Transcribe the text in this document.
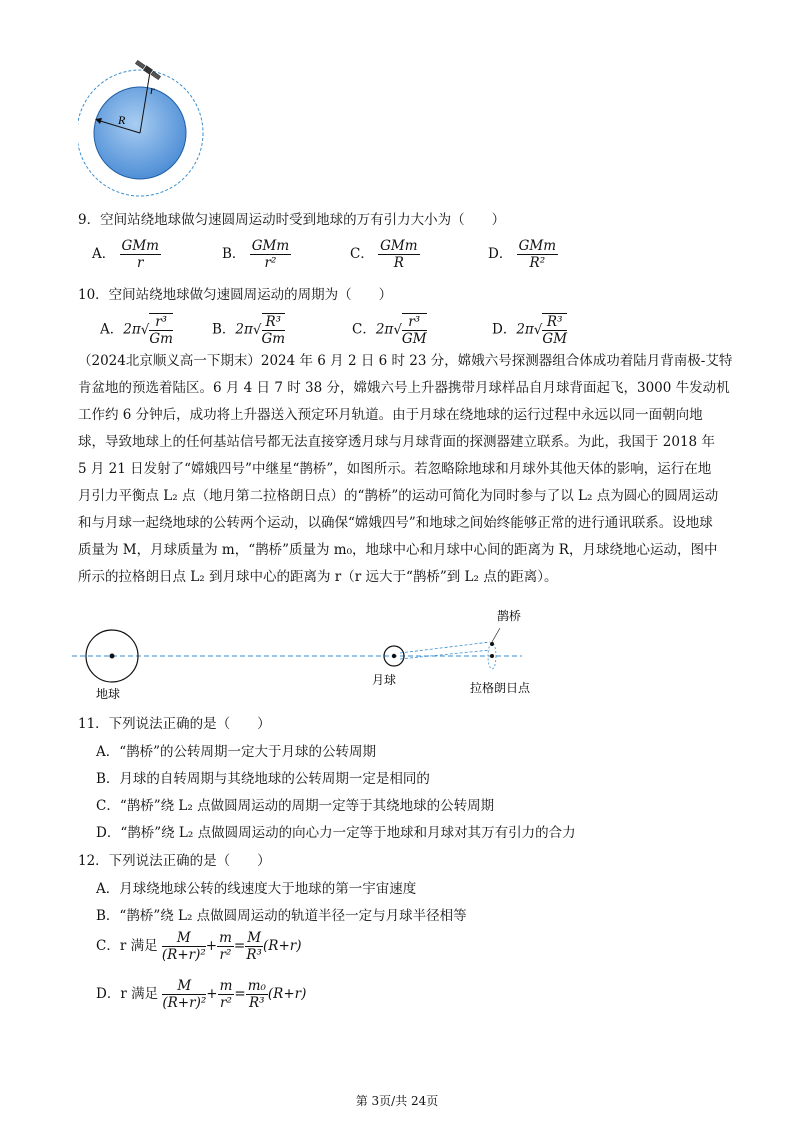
r
R
9．空间站绕地球做匀速圆周运动时受到地球的万有引力大小为（　　）
A． $\frac{\text{GMm}}{r}$	B． $\frac{\text{GMm}}{\text{r²}}$	C． $\frac{\text{GMm}}{R}$	D． $\frac{\text{GMm}}{\text{R²}}$
10．空间站绕地球做匀速圆周运动的周期为（　　）
A．$2\pi√ \frac{\text{r³}}{Gm}$	B．$2\pi√ \frac{\text{R³}}{Gm}$	C．$2\pi√ \frac{\text{r³}}{GM}$	D．$2\pi√ \frac{\text{R³}}{GM}$
（2024北京顺义高一下期末）2024 年 6 月 2 日 6 时 23 分，嫦娥六号探测器组合体成功着陆月背南极-艾特
肯盆地的预选着陆区。6 月 4 日 7 时 38 分，嫦娥六号上升器携带月球样品自月球背面起飞，3000 牛发动机
工作约 6 分钟后，成功将上升器送入预定环月轨道。由于月球在绕地球的运行过程中永远以同一面朝向地
球，导致地球上的任何基站信号都无法直接穿透月球与月球背面的探测器建立联系。为此，我国于 2018 年
5 月 21 日发射了“嫦娥四号”中继星“鹊桥”，如图所示。若忽略除地球和月球外其他天体的影响，运行在地
月引力平衡点 L₂ 点（地月第二拉格朗日点）的“鹊桥”的运动可简化为同时参与了以 L₂ 点为圆心的圆周运动
和与月球一起绕地球的公转两个运动，以确保“嫦娥四号”和地球之间始终能够正常的进行通讯联系。设地球
质量为 M，月球质量为 m，“鹊桥”质量为 m₀，地球中心和月球中心间的距离为 R，月球绕地心运动，图中
所示的拉格朗日点 L₂ 到月球中心的距离为 r（r 远大于“鹊桥”到 L₂ 点的距离）。
鹊桥
地球
月球
拉格朗日点
11．下列说法正确的是（　　）
A．“鹊桥”的公转周期一定大于月球的公转周期
B．月球的自转周期与其绕地球的公转周期一定是相同的
C．“鹊桥”绕 L₂ 点做圆周运动的周期一定等于其绕地球的公转周期
D．“鹊桥”绕 L₂ 点做圆周运动的向心力一定等于地球和月球对其万有引力的合力
12．下列说法正确的是（　　）
A．月球绕地球公转的线速度大于地球的第一宇宙速度
B．“鹊桥”绕 L₂ 点做圆周运动的轨道半径一定与月球半径相等
C．r 满足 $\frac{M}{\text{(R+r)²}} + \frac{m}{\text{r²}} = \frac{M}{\text{R³}} (R+r)$
D．r 满足 $\frac{M}{\text{(R+r)²}} + \frac{m}{\text{r²}} = \frac{\text{m₀}}{\text{R³}} (R+r)$
第 3页/共 24页
